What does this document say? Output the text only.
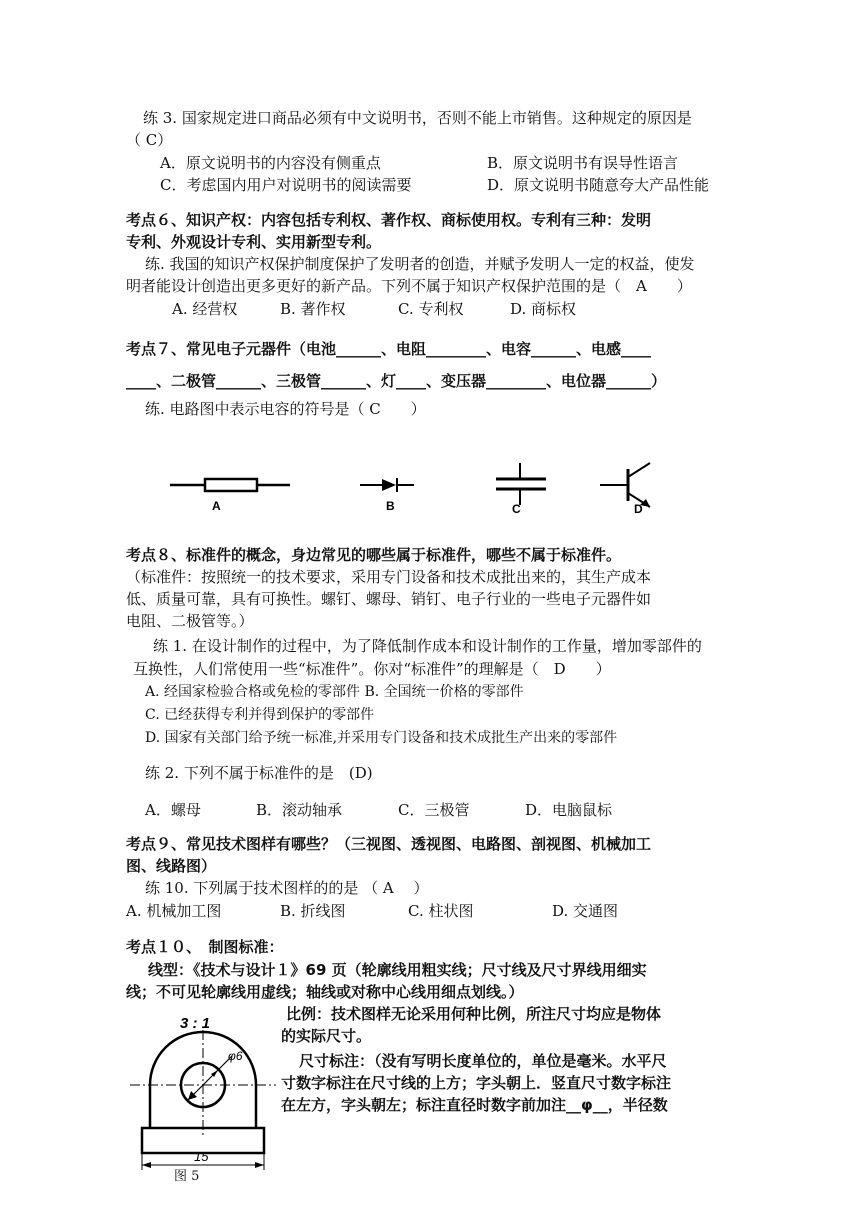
练 3. 国家规定进口商品必须有中文说明书，否则不能上市销售。这种规定的原因是
（ C）
A．原文说明书的内容没有侧重点	B．原文说明书有误导性语言
C．考虑国内用户对说明书的阅读需要	D．原文说明书随意夸大产品性能
考点６、知识产权：内容包括专利权、著作权、商标使用权。专利有三种：发明
专利、外观设计专利、实用新型专利。
练. 我国的知识产权保护制度保护了发明者的创造，并赋予发明人一定的权益，使发
明者能设计创造出更多更好的新产品。下列不属于知识产权保护范围的是（　A　　）
A. 经营权	B. 著作权	C. 专利权	D. 商标权
考点７、常见电子元器件（电池______、电阻________、电容______、电感____
____、二极管______、三极管______、灯____、变压器________、电位器______）
练. 电路图中表示电容的符号是（ C　　）
A	B	C	D
考点８、标准件的概念，身边常见的哪些属于标准件，哪些不属于标准件。
（标准件：按照统一的技术要求，采用专门设备和技术成批出来的，其生产成本
低、质量可靠，具有可换性。螺钉、螺母、销钉、电子行业的一些电子元器件如
电阻、二极管等。）
练 1. 在设计制作的过程中，为了降低制作成本和设计制作的工作量，增加零部件的
互换性，人们常使用一些“标准件”。你对“标准件”的理解是（　D　　）
A. 经国家检验合格或免检的零部件 B. 全国统一价格的零部件
C. 已经获得专利并得到保护的零部件
D. 国家有关部门给予统一标准,并采用专门设备和技术成批生产出来的零部件
练 2. 下列不属于标准件的是　(D)
A．螺母	B．滚动轴承	C．三极管	D．电脑鼠标
考点９、常见技术图样有哪些？（三视图、透视图、电路图、剖视图、机械加工
图、线路图）
练 10. 下列属于技术图样的的是 （ A　 ）
A. 机械加工图	B. 折线图	C. 柱状图	D. 交通图
考点１０、　制图标准：
线型：《技术与设计１》69 页（轮廓线用粗实线；尺寸线及尺寸界线用细实
线；不可见轮廓线用虚线；轴线或对称中心线用细点划线。）
比例：技术图样无论采用何种比例，所注尺寸均应是物体
的实际尺寸。
尺寸标注：（没有写明长度单位的，单位是毫米。水平尺
寸数字标注在尺寸线的上方；字头朝上．竖直尺寸数字标注
在左方，字头朝左；标注直径时数字前加注__φ__，半径数
3 : 1
φ6
15
图 5
